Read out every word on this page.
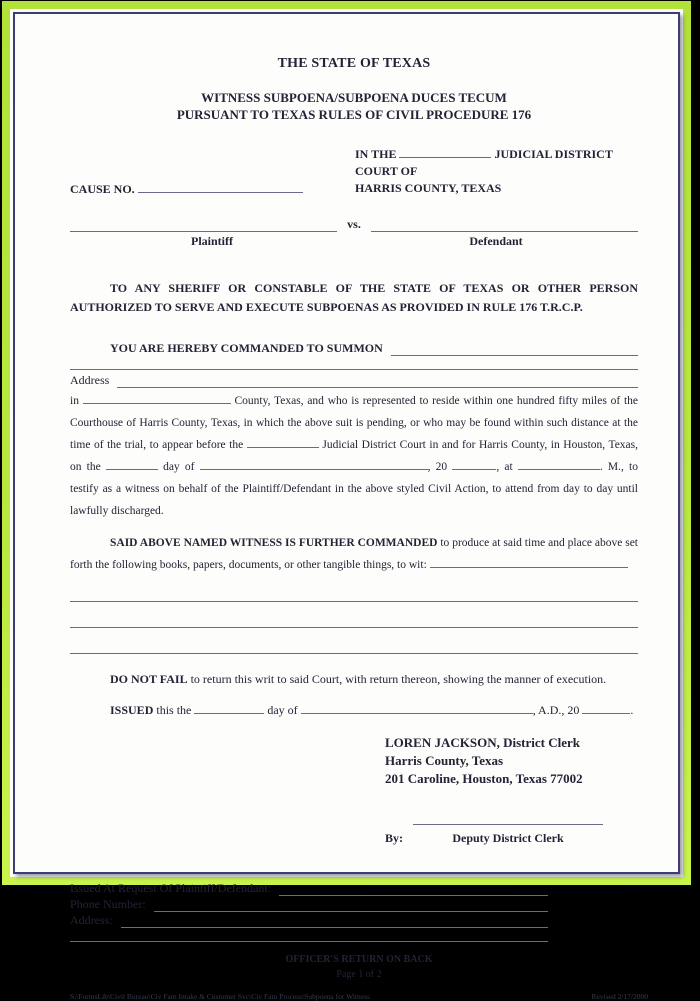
THE STATE OF TEXAS
WITNESS SUBPOENA/SUBPOENA DUCES TECUM
PURSUANT TO TEXAS RULES OF CIVIL PROCEDURE 176
CAUSE NO.
IN THE	JUDICIAL DISTRICT COURT OF
HARRIS COUNTY, TEXAS
vs.
Plaintiff	Defendant
TO ANY SHERIFF OR CONSTABLE OF THE STATE OF TEXAS OR OTHER PERSON AUTHORIZED TO SERVE AND EXECUTE SUBPOENAS AS PROVIDED IN RULE 176 T.R.C.P.
YOU ARE HEREBY COMMANDED TO SUMMON
Address
in	County, Texas, and who is represented to reside within one hundred fifty miles of the Courthouse of Harris County, Texas, in which the above suit is pending, or who may be found within such distance at the time of the trial, to appear before the	Judicial District Court in and for Harris County, in Houston, Texas, on the	day of	, 20	, at	. M., to testify as a witness on behalf of the Plaintiff/Defendant in the above styled Civil Action, to attend from day to day until lawfully discharged.
SAID ABOVE NAMED WITNESS IS FURTHER COMMANDED to produce at said time and place above set forth the following books, papers, documents, or other tangible things, to wit:
DO NOT FAIL to return this writ to said Court, with return thereon, showing the manner of execution.
ISSUED this the	day of	, A.D., 20	.
LOREN JACKSON, District Clerk
Harris County, Texas
201 Caroline, Houston, Texas 77002
By:	Deputy District Clerk
Issued At Request Of Plaintiff/Defendant:
Phone Number:
Address:
OFFICER'S RETURN ON BACK
Page 1 of 2
S:\FormsLib\Civil Bureau\Civ Fam Intake & Customer Svc\Civ Fam Process\Subpoena for Witness	Revised 2/17/2000
